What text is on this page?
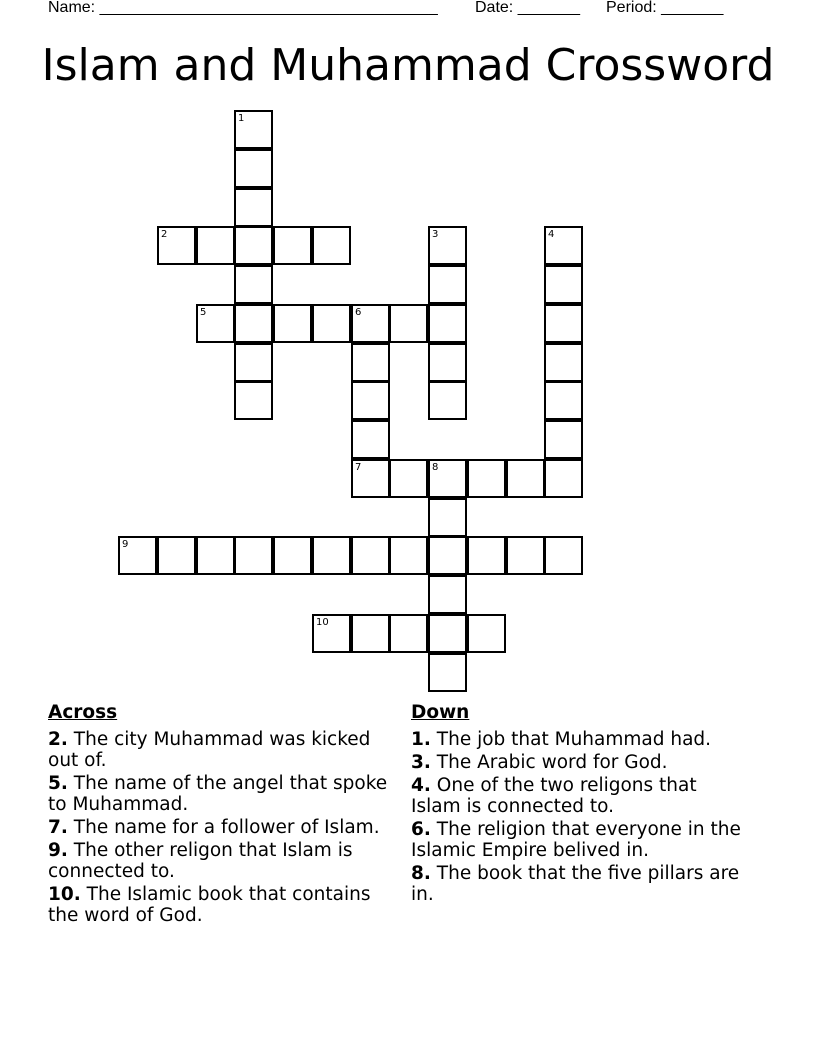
Name: ______________________________________ Date: _______ Period: _______
Islam and Muhammad Crossword
1
2	3	4
5	6
7	8
9
10
Across
2. The city Muhammad was kicked out of.
5. The name of the angel that spoke to Muhammad.
7. The name for a follower of Islam.
9. The other religon that Islam is connected to.
10. The Islamic book that contains the word of God.
Down
1. The job that Muhammad had.
3. The Arabic word for God.
4. One of the two religons that Islam is connected to.
6. The religion that everyone in the Islamic Empire belived in.
8. The book that the five pillars are in.
